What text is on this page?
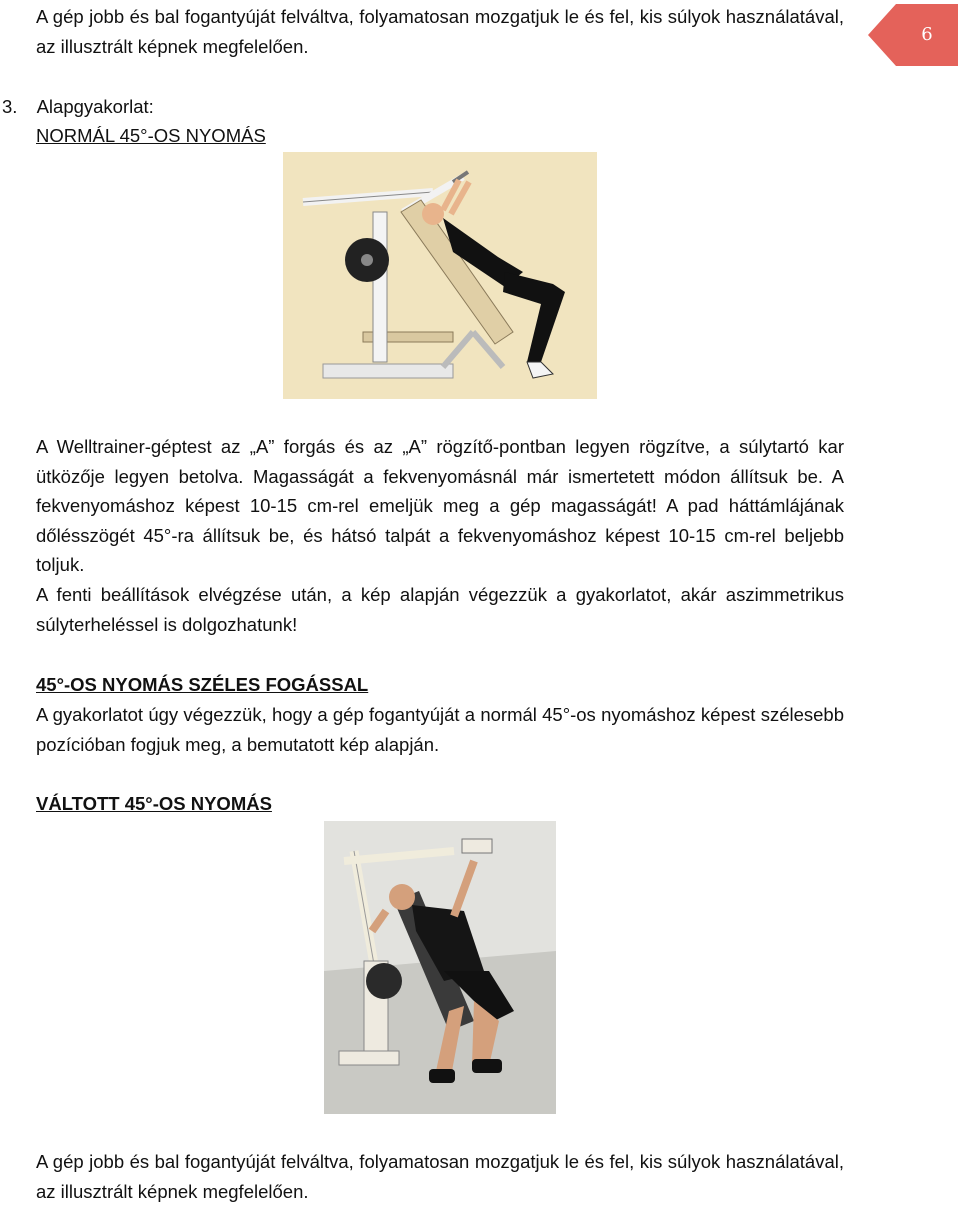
6

A gép jobb és bal fogantyúját felváltva, folyamatosan mozgatjuk le és fel, kis súlyok használatával, az illusztrált képnek megfelelően.

3. Alapgyakorlat:
NORMÁL 45°-OS NYOMÁS

A Welltrainer-géptest az „A” forgás és az „A” rögzítő-pontban legyen rögzítve, a súlytartó kar ütközője legyen betolva. Magasságát a fekvenyomásnál már ismertetett módon állítsuk be. A fekvenyomáshoz képest 10-15 cm-rel emeljük meg a gép magasságát! A pad háttámlájának dőlésszögét 45°-ra állítsuk be, és hátsó talpát a fekvenyomáshoz képest 10-15 cm-rel beljebb toljuk.

A fenti beállítások elvégzése után, a kép alapján végezzük a gyakorlatot, akár aszimmetrikus súlyterheléssel is dolgozhatunk!

45°-OS NYOMÁS SZÉLES FOGÁSSAL

A gyakorlatot úgy végezzük, hogy a gép fogantyúját a normál 45°-os nyomáshoz képest szélesebb pozícióban fogjuk meg, a bemutatott kép alapján.

VÁLTOTT 45°-OS NYOMÁS

A gép jobb és bal fogantyúját felváltva, folyamatosan mozgatjuk le és fel, kis súlyok használatával, az illusztrált képnek megfelelően.
